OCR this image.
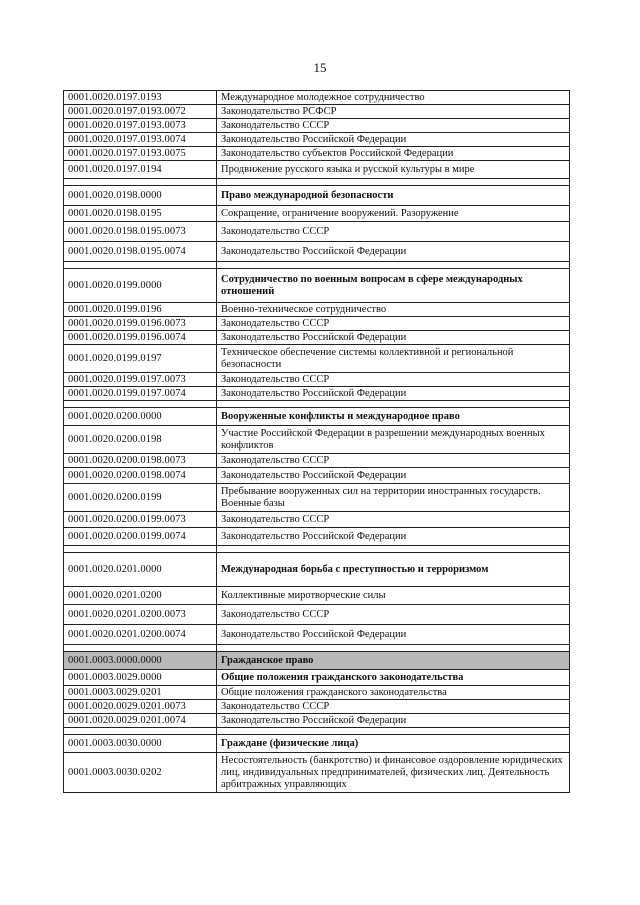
15
0001.0020.0197.0193	Международное молодежное сотрудничество
0001.0020.0197.0193.0072	Законодательство РСФСР
0001.0020.0197.0193.0073	Законодательство СССР
0001.0020.0197.0193.0074	Законодательство Российской Федерации
0001.0020.0197.0193.0075	Законодательство субъектов Российской Федерации
0001.0020.0197.0194	Продвижение русского языка и русской культуры в мире

0001.0020.0198.0000	Право международной безопасности
0001.0020.0198.0195	Сокращение, ограничение вооружений. Разоружение
0001.0020.0198.0195.0073	Законодательство СССР
0001.0020.0198.0195.0074	Законодательство Российской Федерации

0001.0020.0199.0000	Сотрудничество по военным вопросам в сфере международных отношений
0001.0020.0199.0196	Военно-техническое сотрудничество
0001.0020.0199.0196.0073	Законодательство СССР
0001.0020.0199.0196.0074	Законодательство Российской Федерации
0001.0020.0199.0197	Техническое обеспечение системы коллективной и региональной безопасности
0001.0020.0199.0197.0073	Законодательство СССР
0001.0020.0199.0197.0074	Законодательство Российской Федерации

0001.0020.0200.0000	Вооруженные конфликты и международное право
0001.0020.0200.0198	Участие Российской Федерации в разрешении международных военных конфликтов
0001.0020.0200.0198.0073	Законодательство СССР
0001.0020.0200.0198.0074	Законодательство Российской Федерации
0001.0020.0200.0199	Пребывание вооруженных сил на территории иностранных государств. Военные базы
0001.0020.0200.0199.0073	Законодательство СССР
0001.0020.0200.0199.0074	Законодательство Российской Федерации

0001.0020.0201.0000	Международная борьба с преступностью и терроризмом
0001.0020.0201.0200	Коллективные миротворческие силы
0001.0020.0201.0200.0073	Законодательство СССР
0001.0020.0201.0200.0074	Законодательство Российской Федерации

0001.0003.0000.0000	Гражданское право
0001.0003.0029.0000	Общие положения гражданского законодательства
0001.0003.0029.0201	Общие положения гражданского законодательства
0001.0020.0029.0201.0073	Законодательство СССР
0001.0020.0029.0201.0074	Законодательство Российской Федерации

0001.0003.0030.0000	Граждане (физические лица)
0001.0003.0030.0202	Несостоятельность (банкротство) и финансовое оздоровление юридических лиц, индивидуальных предпринимателей, физических лиц. Деятельность арбитражных управляющих
